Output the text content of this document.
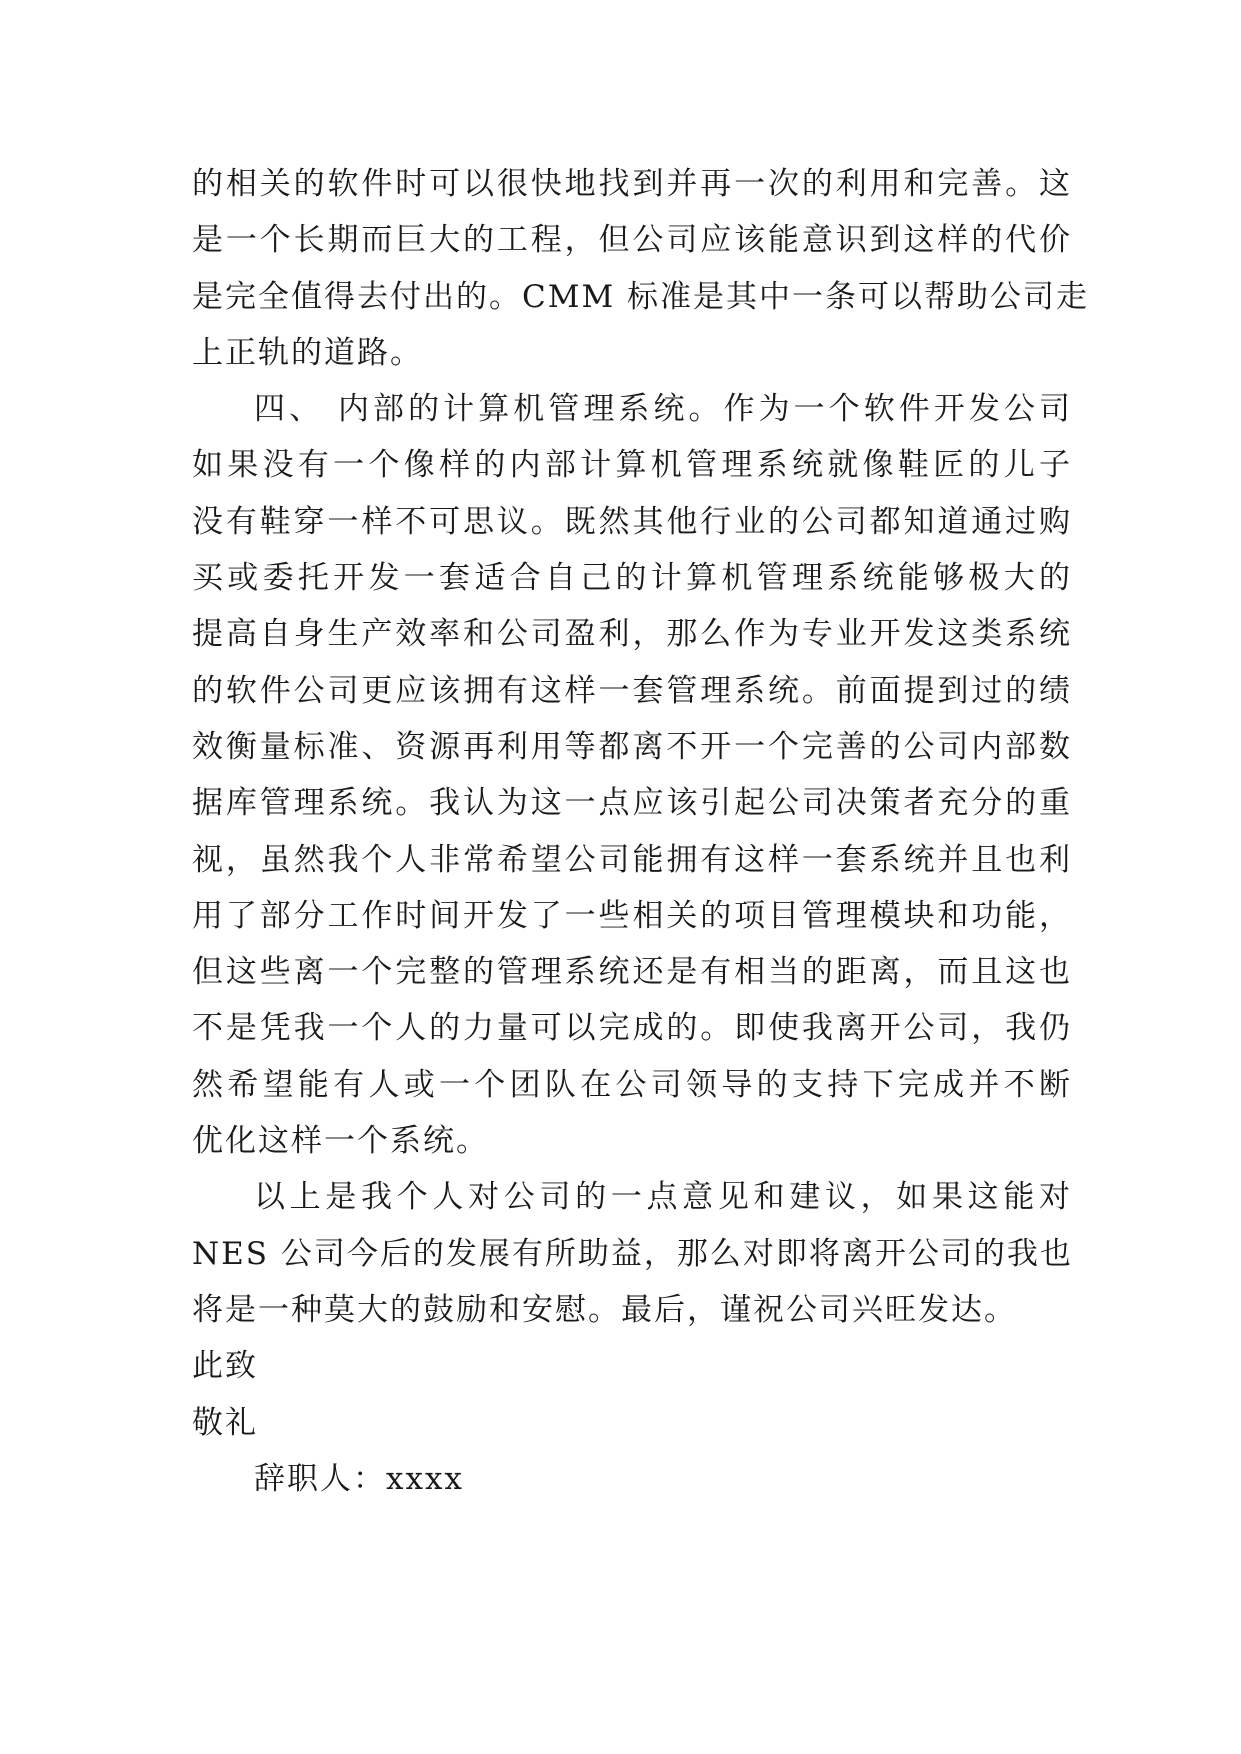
的相关的软件时可以很快地找到并再一次的利用和完善。这
是一个长期而巨大的工程，但公司应该能意识到这样的代价
是完全值得去付出的。CMM 标准是其中一条可以帮助公司走
上正轨的道路。
四、 内部的计算机管理系统。作为一个软件开发公司
如果没有一个像样的内部计算机管理系统就像鞋匠的儿子
没有鞋穿一样不可思议。既然其他行业的公司都知道通过购
买或委托开发一套适合自己的计算机管理系统能够极大的
提高自身生产效率和公司盈利，那么作为专业开发这类系统
的软件公司更应该拥有这样一套管理系统。前面提到过的绩
效衡量标准、资源再利用等都离不开一个完善的公司内部数
据库管理系统。我认为这一点应该引起公司决策者充分的重
视，虽然我个人非常希望公司能拥有这样一套系统并且也利
用了部分工作时间开发了一些相关的项目管理模块和功能，
但这些离一个完整的管理系统还是有相当的距离，而且这也
不是凭我一个人的力量可以完成的。即使我离开公司，我仍
然希望能有人或一个团队在公司领导的支持下完成并不断
优化这样一个系统。
以上是我个人对公司的一点意见和建议，如果这能对
NES 公司今后的发展有所助益，那么对即将离开公司的我也
将是一种莫大的鼓励和安慰。最后，谨祝公司兴旺发达。
此致
敬礼
辞职人：xxxx
